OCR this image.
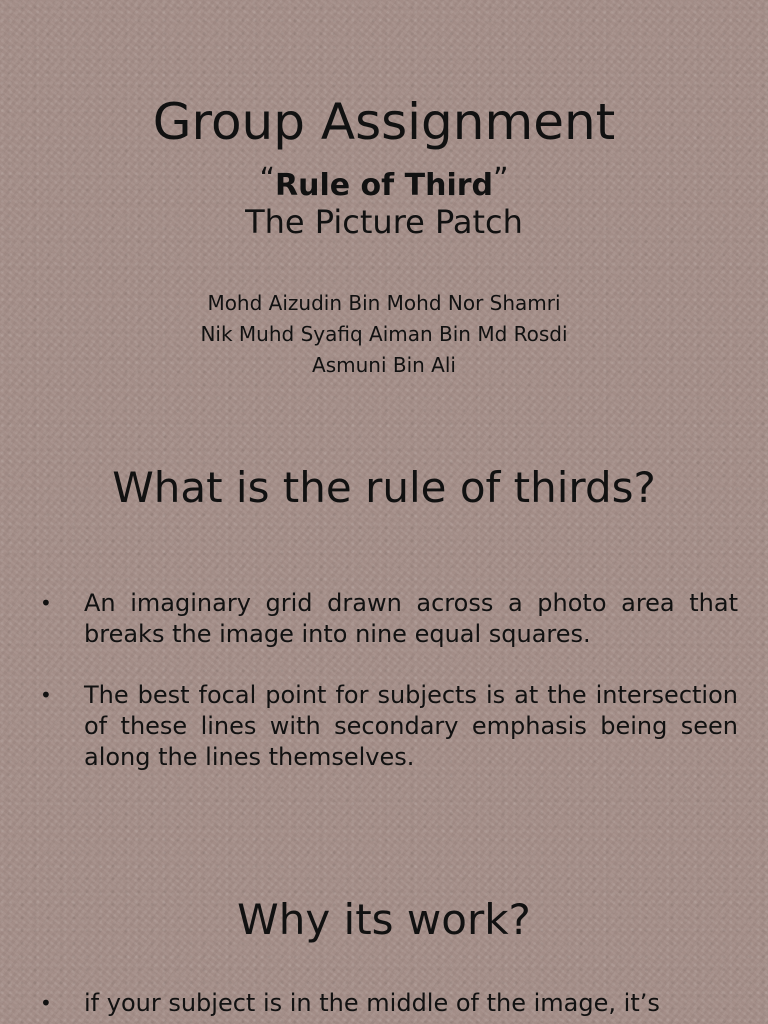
Group Assignment
“Rule of Third”
The Picture Patch
Mohd Aizudin Bin Mohd Nor Shamri
Nik Muhd Syafiq Aiman Bin Md Rosdi
Asmuni Bin Ali
What is the rule of thirds?
• An imaginary grid drawn across a photo area that breaks the image into nine equal squares.
• The best focal point for subjects is at the intersection of these lines with secondary emphasis being seen along the lines themselves.
Why its work?
• if your subject is in the middle of the image, it’s
